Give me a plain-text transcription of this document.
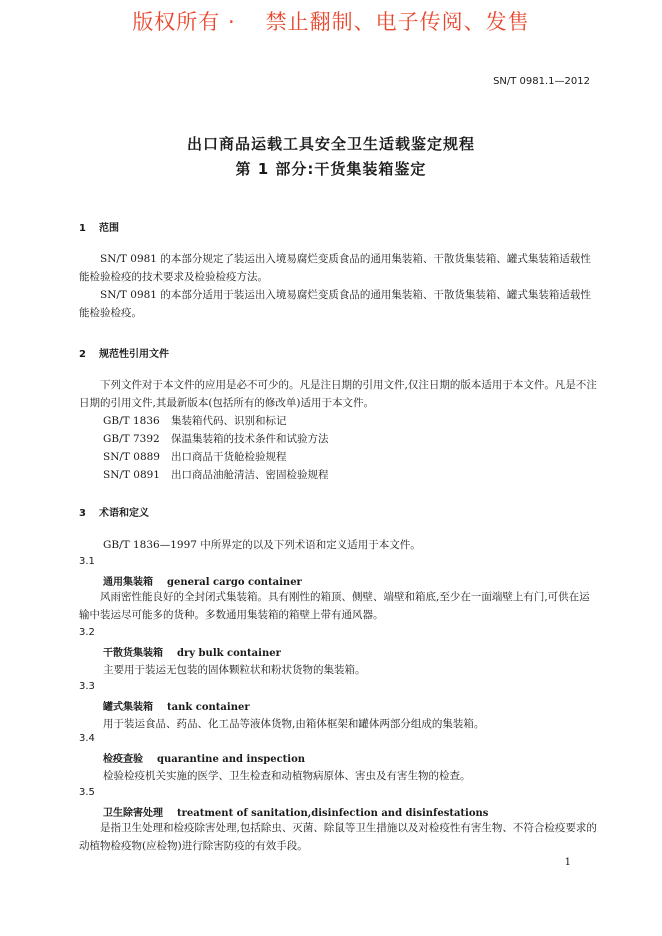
版权所有 · 禁止翻制、电子传阅、发售
SN/T 0981.1—2012
出口商品运载工具安全卫生适载鉴定规程
第 1 部分:干货集装箱鉴定
1 范围
SN/T 0981 的本部分规定了装运出入境易腐烂变质食品的通用集装箱、干散货集装箱、罐式集装箱适载性能检验检疫的技术要求及检验检疫方法。
SN/T 0981 的本部分适用于装运出入境易腐烂变质食品的通用集装箱、干散货集装箱、罐式集装箱适载性能检验检疫。
2 规范性引用文件
下列文件对于本文件的应用是必不可少的。凡是注日期的引用文件,仅注日期的版本适用于本文件。凡是不注日期的引用文件,其最新版本(包括所有的修改单)适用于本文件。
GB/T 1836 集装箱代码、识别和标记
GB/T 7392 保温集装箱的技术条件和试验方法
SN/T 0889 出口商品干货舱检验规程
SN/T 0891 出口商品油舱清洁、密固检验规程
3 术语和定义
GB/T 1836—1997 中所界定的以及下列术语和定义适用于本文件。
3.1
通用集装箱 general cargo container
风雨密性能良好的全封闭式集装箱。具有刚性的箱顶、侧壁、端壁和箱底,至少在一面端壁上有门,可供在运输中装运尽可能多的货种。多数通用集装箱的箱壁上带有通风器。
3.2
干散货集装箱 dry bulk container
主要用于装运无包装的固体颗粒状和粉状货物的集装箱。
3.3
罐式集装箱 tank container
用于装运食品、药品、化工品等液体货物,由箱体框架和罐体两部分组成的集装箱。
3.4
检疫查验 quarantine and inspection
检验检疫机关实施的医学、卫生检查和动植物病原体、害虫及有害生物的检查。
3.5
卫生除害处理 treatment of sanitation,disinfection and disinfestations
是指卫生处理和检疫除害处理,包括除虫、灭菌、除鼠等卫生措施以及对检疫性有害生物、不符合检疫要求的动植物检疫物(应检物)进行除害防疫的有效手段。
1
